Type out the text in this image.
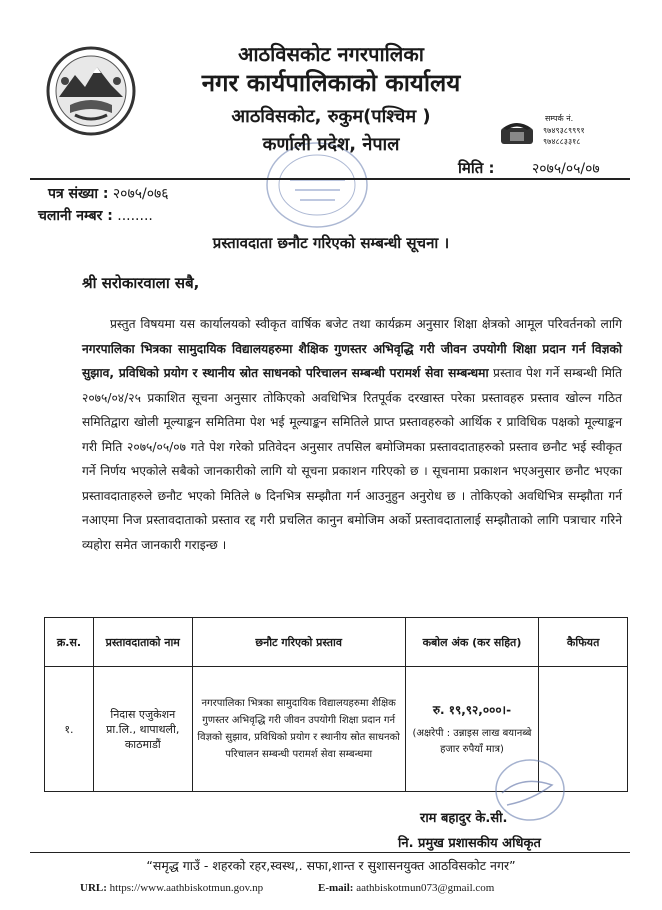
आठविसकोट नगरपालिका
नगर कार्यपालिकाको कार्यालय
आठविसकोट, रुकुम(पश्चिम )
कर्णाली प्रदेश, नेपाल
सम्पर्क नं.
९७४९३८९९९१
९७४८८३३१८
मिति :	२०७५/०५/०७
पत्र संख्या : २०७५/०७६
चलानी नम्बर : ........
प्रस्तावदाता छनौट गरिएको सम्बन्धी सूचना ।
श्री सरोकारवाला सबै,
प्रस्तुत विषयमा यस कार्यालयको स्वीकृत वार्षिक बजेट तथा कार्यक्रम अनुसार शिक्षा क्षेत्रको आमूल परिवर्तनको लागि नगरपालिका भित्रका सामुदायिक विद्यालयहरुमा शैक्षिक गुणस्तर अभिवृद्धि गरी जीवन उपयोगी शिक्षा प्रदान गर्न विज्ञको सुझाव, प्रविधिको प्रयोग र स्थानीय स्रोत साधनको परिचालन सम्बन्धी परामर्श सेवा सम्बन्धमा प्रस्ताव पेश गर्ने सम्बन्धी मिति २०७५/०४/२५ प्रकाशित सूचना अनुसार तोकिएको अवधिभित्र रितपूर्वक दरखास्त परेका प्रस्तावहरु प्रस्ताव खोल्न गठित समितिद्वारा खोली मूल्याङ्कन समितिमा पेश भई मूल्याङ्कन समितिले प्राप्त प्रस्तावहरुको आर्थिक र प्राविधिक पक्षको मूल्याङ्कन गरी मिति २०७५/०५/०७ गते पेश गरेको प्रतिवेदन अनुसार तपसिल बमोजिमका प्रस्तावदाताहरुको प्रस्ताव छनौट भई स्वीकृत गर्ने निर्णय भएकोले सबैको जानकारीको लागि यो सूचना प्रकाशन गरिएको छ । सूचनामा प्रकाशन भएअनुसार छनौट भएका प्रस्तावदाताहरुले छनौट भएको मितिले ७ दिनभित्र सम्झौता गर्न आउनुहुन अनुरोध छ । तोकिएको अवधिभित्र सम्झौता गर्न नआएमा निज प्रस्तावदाताको प्रस्ताव रद्द गरी प्रचलित कानुन बमोजिम अर्को प्रस्तावदातालाई सम्झौताको लागि पत्राचार गरिने व्यहोरा समेत जानकारी गराइन्छ ।
क्र.स.	प्रस्तावदाताको नाम	छनौट गरिएको प्रस्ताव	कबोल अंक (कर सहित)	कैफियत
१.	निदास एजुकेशन प्रा.लि., थापाथली, काठमाडौं	नगरपालिका भित्रका सामुदायिक विद्यालयहरुमा शैक्षिक गुणस्तर अभिवृद्धि गरी जीवन उपयोगी शिक्षा प्रदान गर्न विज्ञको सुझाव, प्रविधिको प्रयोग र स्थानीय स्रोत साधनको परिचालन सम्बन्धी परामर्श सेवा सम्बन्धमा	रु. १९,९२,०००।-
(अक्षरेपी : उन्नाइस लाख बयानब्बे हजार रुपैयाँ मात्र)	

राम बहादुर के.सी.
नि. प्रमुख प्रशासकीय अधिकृत
“समृद्ध गाउँ - शहरको रहर,स्वस्थ,. सफा,शान्त र सुशासनयुक्त आठविसकोट नगर”
URL: https://www.aathbiskotmun.gov.np	E-mail: aathbiskotmun073@gmail.com
